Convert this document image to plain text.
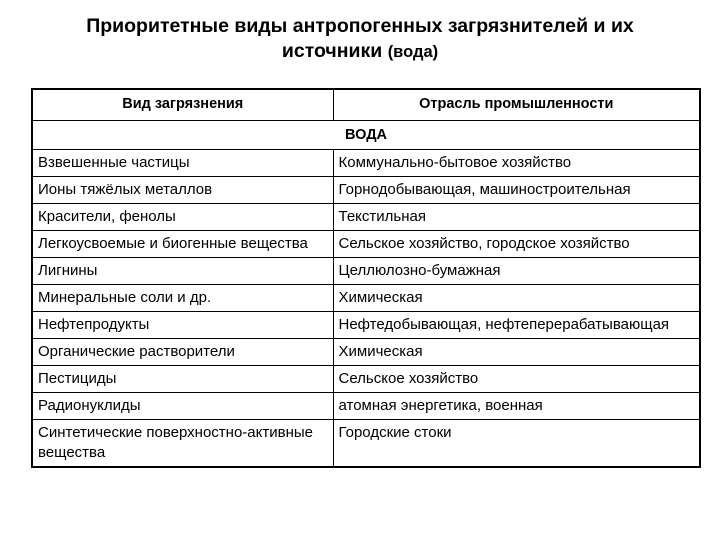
Приоритетные виды антропогенных загрязнителей и их
источники (вода)
Вид загрязнения	Отрасль промышленности
ВОДА	
Взвешенные частицы	Коммунально-бытовое хозяйство
Ионы тяжёлых металлов	Горнодобывающая, машиностроительная
Красители, фенолы	Текстильная
Легкоусвоемые и биогенные вещества	Сельское хозяйство, городское хозяйство
Лигнины	Целлюлозно-бумажная
Минеральные соли и др.	Химическая
Нефтепродукты	Нефтедобывающая, нефтеперерабатывающая
Органические растворители	Химическая
Пестициды	Сельское хозяйство
Радионуклиды	атомная энергетика, военная
Синтетические поверхностно-активные вещества	Городские стоки
